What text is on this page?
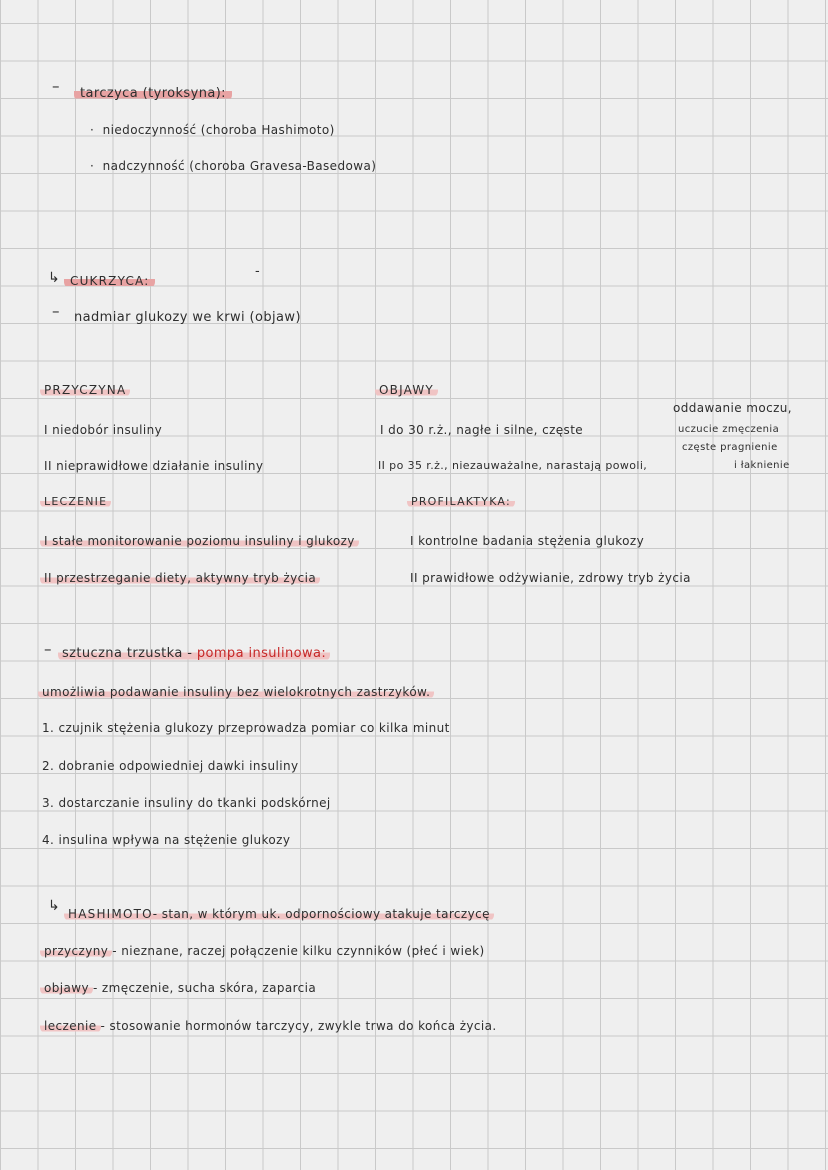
–	tarczyca (tyroksyna):
·  niedoczynność (choroba Hashimoto)
·  nadczynność (choroba Gravesa-Basedowa)
↳ CUKRZYCA:
-
– nadmiar glukozy we krwi (objaw)
PRZYCZYNA
I niedobór insuliny
II nieprawidłowe działanie insuliny
OBJAWY
I do 30 r.ż., nagłe i silne, częste
II po 35 r.ż., niezauważalne, narastają powoli,
oddawanie moczu,
uczucie zmęczenia
częste pragnienie
i łaknienie
LECZENIE
I stałe monitorowanie poziomu insuliny i glukozy
II przestrzeganie diety, aktywny tryb życia
PROFILAKTYKA:
I kontrolne badania stężenia glukozy
II prawidłowe odżywianie, zdrowy tryb życia
– sztuczna trzustka - pompa insulinowa:
umożliwia podawanie insuliny bez wielokrotnych zastrzyków.
1. czujnik stężenia glukozy przeprowadza pomiar co kilka minut
2. dobranie odpowiedniej dawki insuliny
3. dostarczanie insuliny do tkanki podskórnej
4. insulina wpływa na stężenie glukozy
↳ HASHIMOTO- stan, w którym uk. odpornościowy atakuje tarczycę
przyczyny - nieznane, raczej połączenie kilku czynników (płeć i wiek)
objawy - zmęczenie, sucha skóra, zaparcia
leczenie - stosowanie hormonów tarczycy, zwykle trwa do końca życia.
